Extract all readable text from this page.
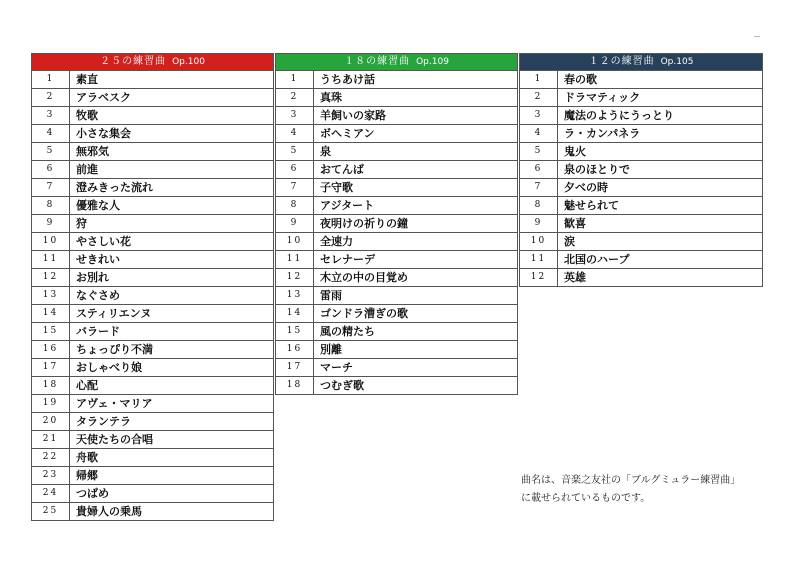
２５の練習曲 Op.100	

1	素直
2	アラベスク
3	牧歌
4	小さな集会
5	無邪気
6	前進
7	澄みきった流れ
8	優雅な人
9	狩
10	やさしい花
11	せきれい
12	お別れ
13	なぐさめ
14	スティリエンヌ
15	バラード
16	ちょっぴり不満
17	おしゃべり娘
18	心配
19	アヴェ・マリア
20	タランテラ
21	天使たちの合唱
22	舟歌
23	帰郷
24	つばめ
25	貴婦人の乗馬
１８の練習曲 Op.109	

1	うちあけ話
2	真珠
3	羊飼いの家路
4	ボヘミアン
5	泉
6	おてんば
7	子守歌
8	アジタート
9	夜明けの祈りの鐘
10	全速力
11	セレナーデ
12	木立の中の目覚め
13	雷雨
14	ゴンドラ漕ぎの歌
15	風の精たち
16	別離
17	マーチ
18	つむぎ歌
１２の練習曲 Op.105	

1	春の歌
2	ドラマティック
3	魔法のようにうっとり
4	ラ・カンパネラ
5	鬼火
6	泉のほとりで
7	夕べの時
8	魅せられて
9	歓喜
10	涙
11	北国のハープ
12	英雄
曲名は、音楽之友社の「ブルグミュラー練習曲」
に載せられているものです。
